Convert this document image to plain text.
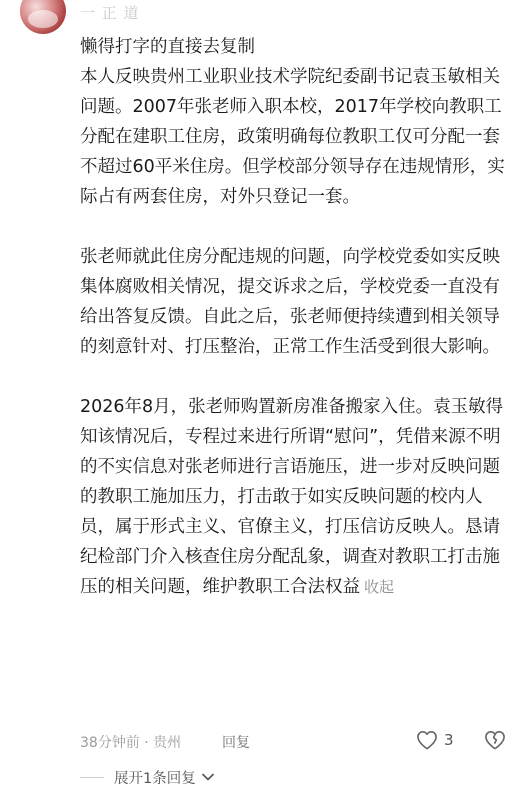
一 正 道

懒得打字的直接去复制

本人反映贵州工业职业技术学院纪委副书记袁玉敏相关问题。2007年张老师入职本校，2017年学校向教职工分配在建职工住房，政策明确每位教职工仅可分配一套不超过60平米住房。但学校部分领导存在违规情形，实际占有两套住房，对外只登记一套。

张老师就此住房分配违规的问题，向学校党委如实反映集体腐败相关情况，提交诉求之后，学校党委一直没有给出答复反馈。自此之后，张老师便持续遭到相关领导的刻意针对、打压整治，正常工作生活受到很大影响。

2026年8月，张老师购置新房准备搬家入住。袁玉敏得知该情况后，专程过来进行所谓“慰问”，凭借来源不明的不实信息对张老师进行言语施压，进一步对反映问题的教职工施加压力，打击敢于如实反映问题的校内人员，属于形式主义、官僚主义，打压信访反映人。恳请纪检部门介入核查住房分配乱象，调查对教职工打击施压的相关问题，维护教职工合法权益 收起

38分钟前 · 贵州	回复	3
展开1条回复
